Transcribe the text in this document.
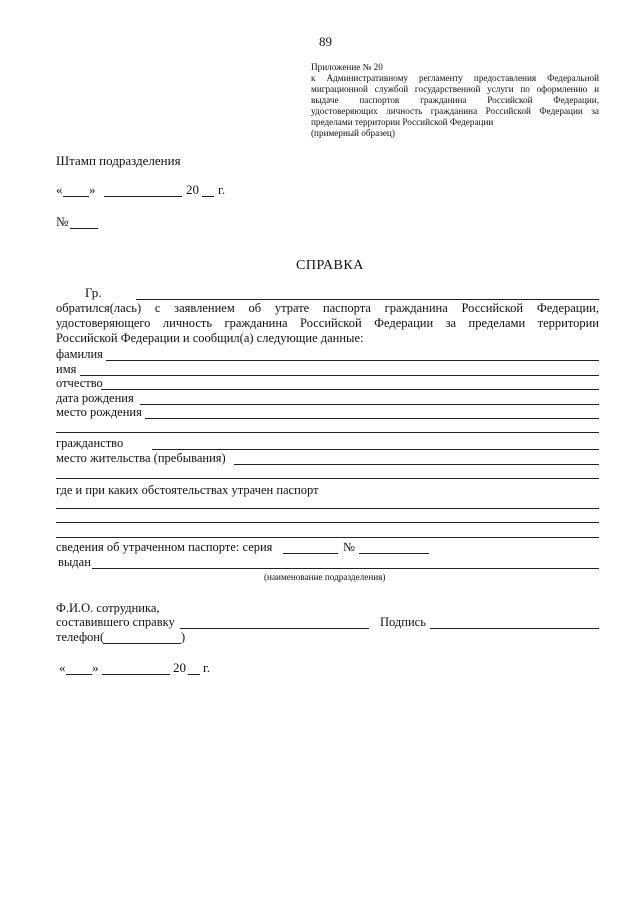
89
Приложение № 20
к Административному регламенту предоставления Федеральной
миграционной службой государственной услуги по оформлению и
выдаче паспортов гражданина Российской Федерации,
удостоверяющих личность гражданина Российской Федерации за
пределами территории Российской Федерации
(примерный образец)
Штамп подразделения
« »	20 г.
№
СПРАВКА
Гр.
обратился(лась) с заявлением об утрате паспорта гражданина Российской Федерации,
удостоверяющего личность гражданина Российской Федерации за пределами территории
Российской Федерации и сообщил(а) следующие данные:
фамилия
имя
отчество
дата рождения
место рождения
гражданство
место жительства (пребывания)
где и при каких обстоятельствах утрачен паспорт
сведения об утраченном паспорте: серия	№
выдан
(наименование подразделения)
Ф.И.О. сотрудника,
составившего справку	Подпись
телефон(	)
« »	20 г.
